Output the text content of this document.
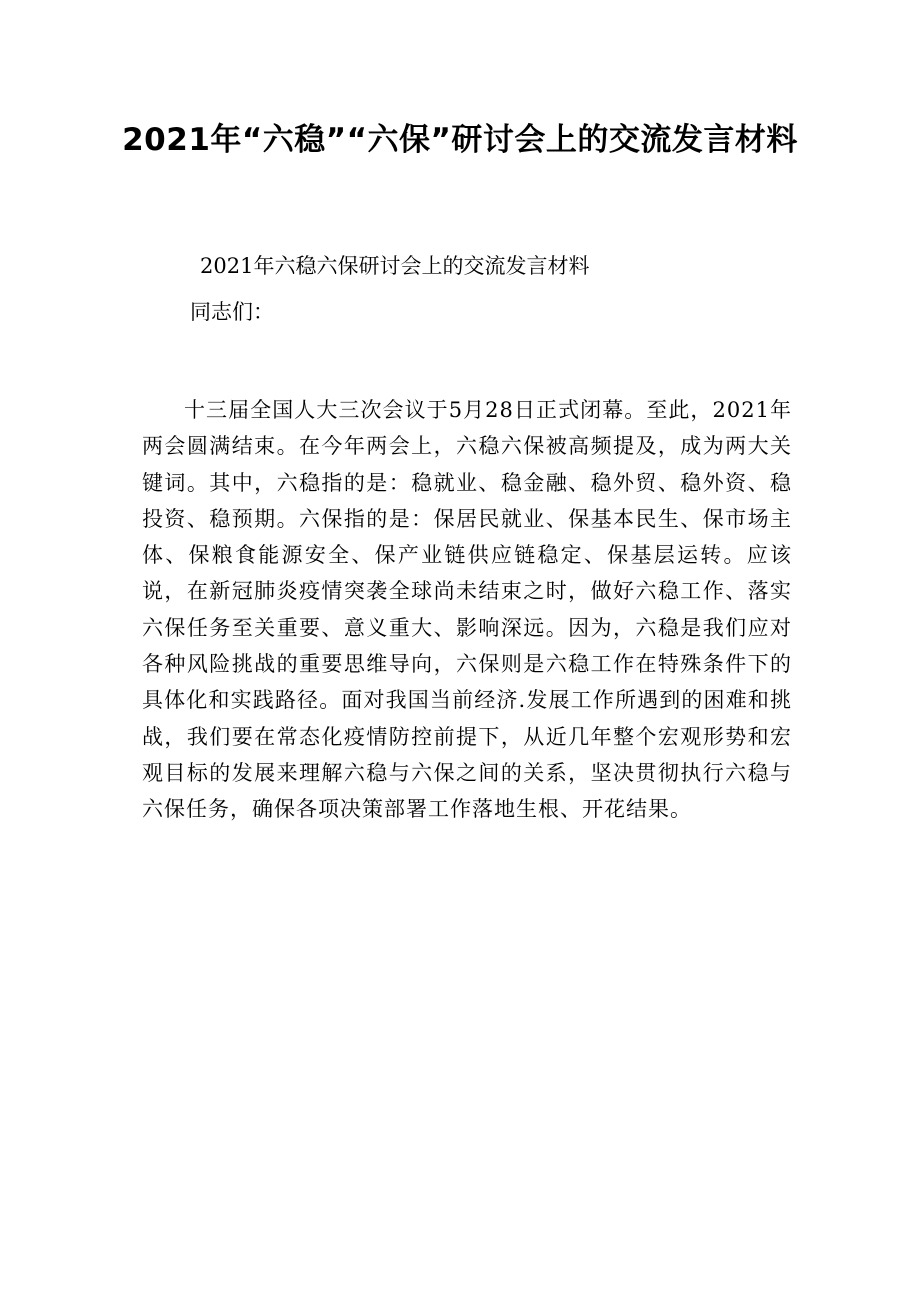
2021年“六稳”“六保”研讨会上的交流发言材料
2021年六稳六保研讨会上的交流发言材料
同志们：
十三届全国人大三次会议于5月28日正式闭幕。至此，2021年两会圆满结束。在今年两会上，六稳六保被高频提及，成为两大关键词。其中，六稳指的是：稳就业、稳金融、稳外贸、稳外资、稳投资、稳预期。六保指的是：保居民就业、保基本民生、保市场主体、保粮食能源安全、保产业链供应链稳定、保基层运转。应该说，在新冠肺炎疫情突袭全球尚未结束之时，做好六稳工作、落实六保任务至关重要、意义重大、影响深远。因为，六稳是我们应对各种风险挑战的重要思维导向，六保则是六稳工作在特殊条件下的具体化和实践路径。面对我国当前经济.发展工作所遇到的困难和挑战，我们要在常态化疫情防控前提下，从近几年整个宏观形势和宏观目标的发展来理解六稳与六保之间的关系，坚决贯彻执行六稳与六保任务，确保各项决策部署工作落地生根、开花结果。
